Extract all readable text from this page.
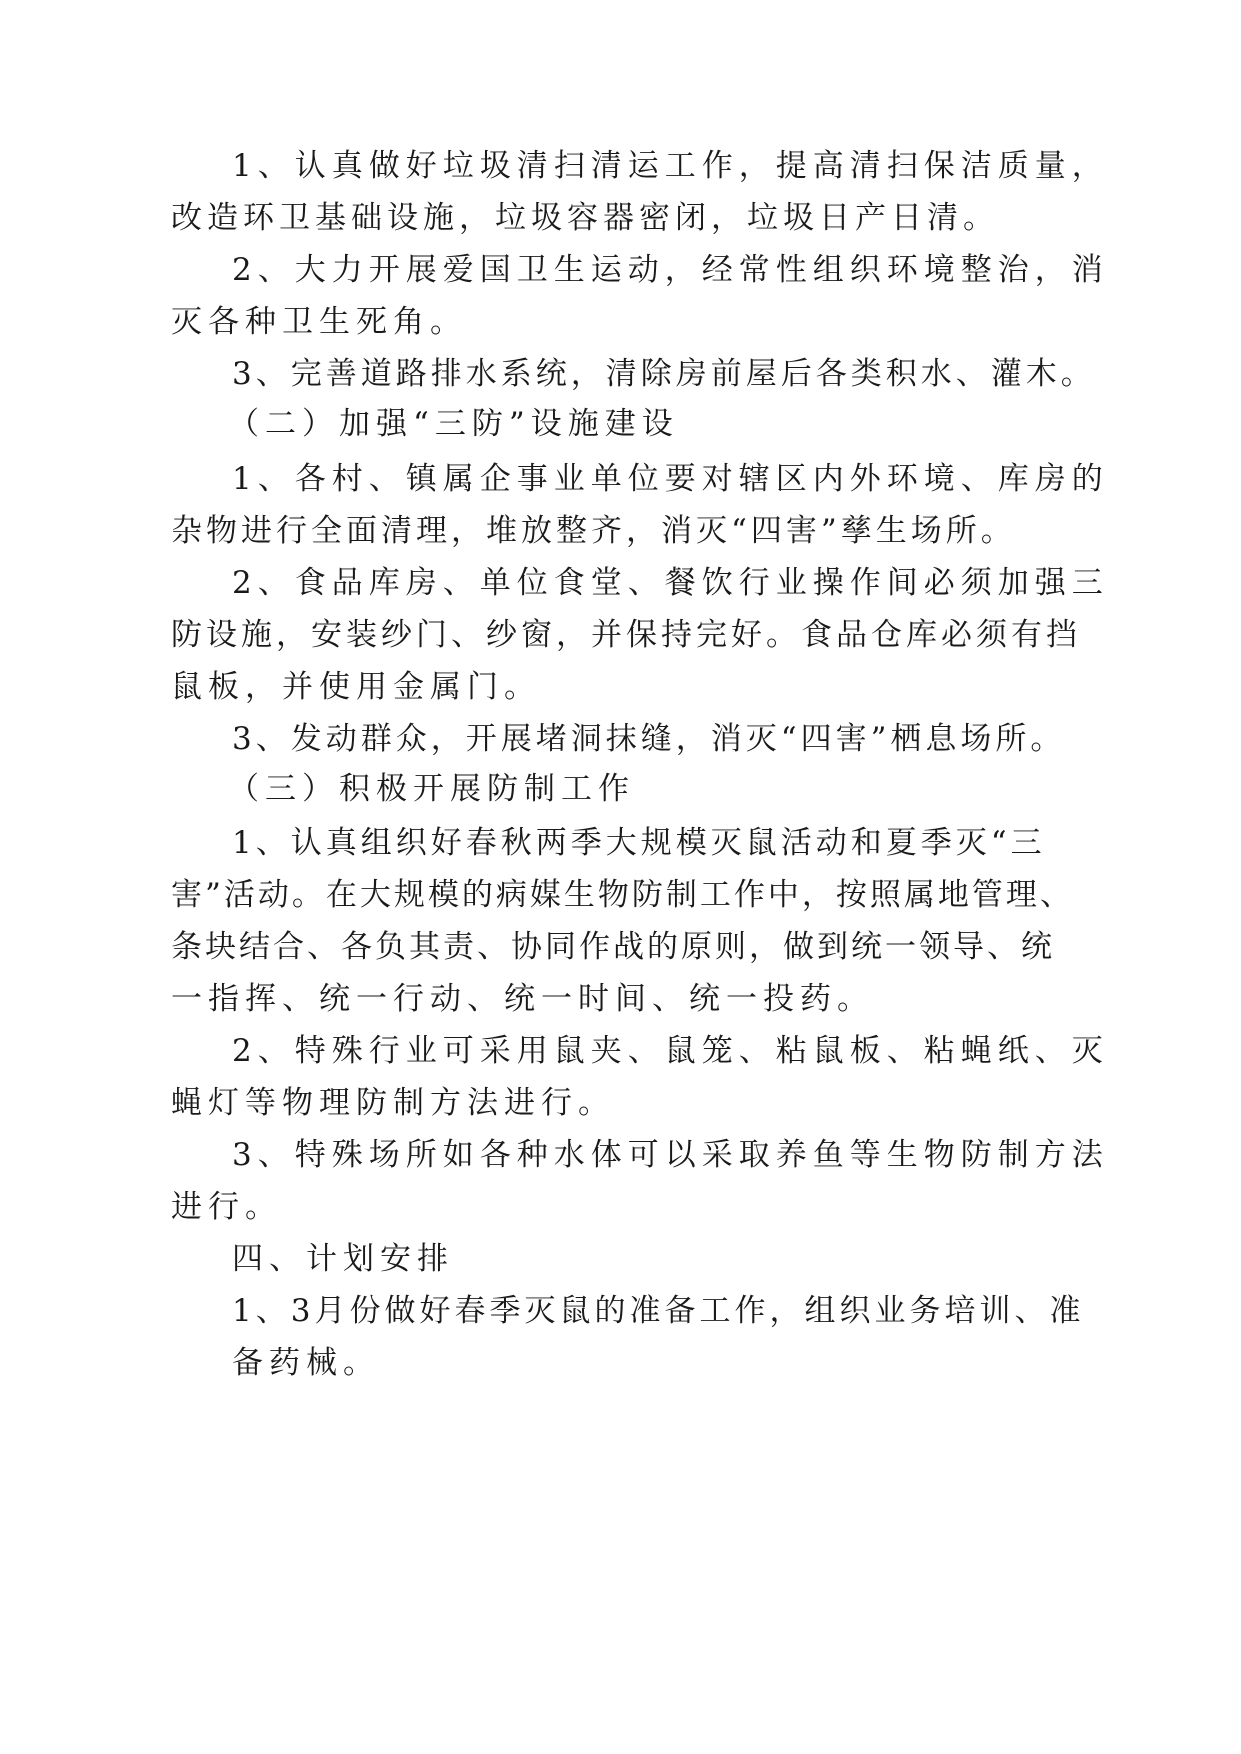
1、认真做好垃圾清扫清运工作，提高清扫保洁质量，
改造环卫基础设施，垃圾容器密闭，垃圾日产日清。
2、大力开展爱国卫生运动，经常性组织环境整治，消
灭各种卫生死角。
3、完善道路排水系统，清除房前屋后各类积水、灌木。
（二）加强“三防”设施建设
1、各村、镇属企事业单位要对辖区内外环境、库房的
杂物进行全面清理，堆放整齐，消灭“四害”孳生场所。
2、食品库房、单位食堂、餐饮行业操作间必须加强三
防设施，安装纱门、纱窗，并保持完好。食品仓库必须有挡
鼠板，并使用金属门。
3、发动群众，开展堵洞抹缝，消灭“四害”栖息场所。
（三）积极开展防制工作
1、认真组织好春秋两季大规模灭鼠活动和夏季灭“三
害”活动。在大规模的病媒生物防制工作中，按照属地管理、
条块结合、各负其责、协同作战的原则，做到统一领导、统
一指挥、统一行动、统一时间、统一投药。
2、特殊行业可采用鼠夹、鼠笼、粘鼠板、粘蝇纸、灭
蝇灯等物理防制方法进行。
3、特殊场所如各种水体可以采取养鱼等生物防制方法
进行。
四、计划安排
1、3月份做好春季灭鼠的准备工作，组织业务培训、准
备药械。
